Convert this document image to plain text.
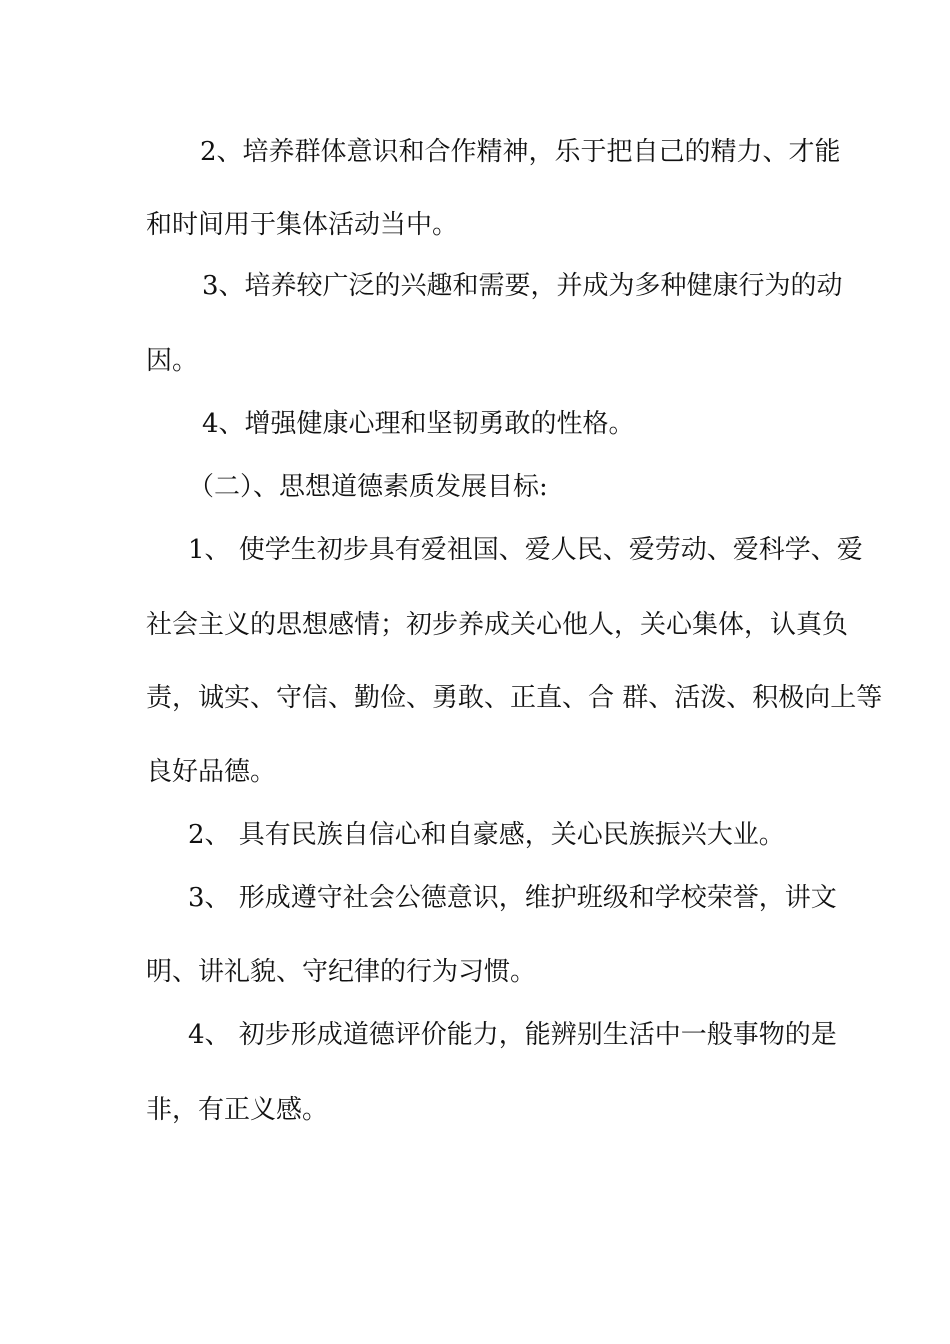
2、培养群体意识和合作精神，乐于把自己的精力、才能
和时间用于集体活动当中。
3、培养较广泛的兴趣和需要，并成为多种健康行为的动
因。
4、增强健康心理和坚韧勇敢的性格。
（二）、思想道德素质发展目标:
1、 使学生初步具有爱祖国、爱人民、爱劳动、爱科学、爱
社会主义的思想感情；初步养成关心他人，关心集体，认真负
责，诚实、守信、勤俭、勇敢、正直、合 群、活泼、积极向上等
良好品德。
2、 具有民族自信心和自豪感，关心民族振兴大业。
3、 形成遵守社会公德意识，维护班级和学校荣誉，讲文
明、讲礼貌、守纪律的行为习惯。
4、 初步形成道德评价能力，能辨别生活中一般事物的是
非，有正义感。
